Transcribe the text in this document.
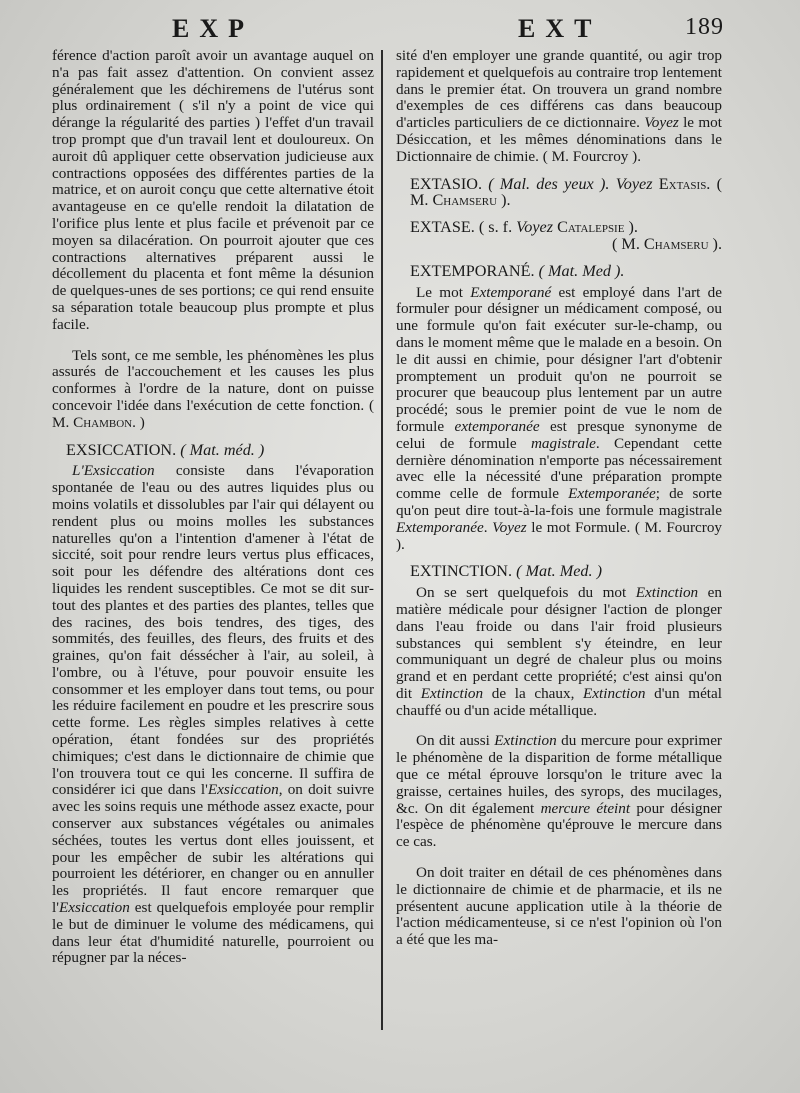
EXP	EXT	189

férence d'action paroît avoir un avantage auquel on n'a pas fait assez d'attention. On convient assez généralement que les déchiremens de l'utérus sont plus ordinairement ( s'il n'y a point de vice qui dérange la régularité des parties ) l'effet d'un travail trop prompt que d'un travail lent et douloureux. On auroit dû appliquer cette observation judicieuse aux contractions opposées des différentes parties de la matrice, et on auroit conçu que cette alternative étoit avantageuse en ce qu'elle rendoit la dilatation de l'orifice plus lente et plus facile et prévenoit par ce moyen sa dilacération. On pourroit ajouter que ces contractions alternatives préparent aussi le décollement du placenta et font même la désunion de quelques-unes de ses portions; ce qui rend ensuite sa séparation totale beaucoup plus prompte et plus facile.

Tels sont, ce me semble, les phénomènes les plus assurés de l'accouchement et les causes les plus conformes à l'ordre de la nature, dont on puisse concevoir l'idée dans l'exécution de cette fonction. ( M. Chambon. )

EXSICCATION. ( Mat. méd. )

L'Exsiccation consiste dans l'évaporation spontanée de l'eau ou des autres liquides plus ou moins volatils et dissolubles par l'air qui délayent ou rendent plus ou moins molles les substances naturelles qu'on a l'intention d'amener à l'état de siccité, soit pour rendre leurs vertus plus efficaces, soit pour les défendre des altérations dont ces liquides les rendent susceptibles. Ce mot se dit sur-tout des plantes et des parties des plantes, telles que des racines, des bois tendres, des tiges, des sommités, des feuilles, des fleurs, des fruits et des graines, qu'on fait déssécher à l'air, au soleil, à l'ombre, ou à l'étuve, pour pouvoir ensuite les consommer et les employer dans tout tems, ou pour les réduire facilement en poudre et les prescrire sous cette forme. Les règles simples relatives à cette opération, étant fondées sur des propriétés chimiques; c'est dans le dictionnaire de chimie que l'on trouvera tout ce qui les concerne. Il suffira de considérer ici que dans l'Exsiccation, on doit suivre avec les soins requis une méthode assez exacte, pour conserver aux substances végétales ou animales séchées, toutes les vertus dont elles jouissent, et pour les empêcher de subir les altérations qui pourroient les détériorer, en changer ou en annuller les propriétés. Il faut encore remarquer que l'Exsiccation est quelquefois employée pour remplir le but de diminuer le volume des médicamens, qui dans leur état d'humidité naturelle, pourroient ou répugner par la néces-

sité d'en employer une grande quantité, ou agir trop rapidement et quelquefois au contraire trop lentement dans le premier état. On trouvera un grand nombre d'exemples de ces différens cas dans beaucoup d'articles particuliers de ce dictionnaire. Voyez le mot Désiccation, et les mêmes dénominations dans le Dictionnaire de chimie. ( M. Fourcroy ).

EXTASIO. ( Mal. des yeux ). Voyez Extasis. ( M. Chamseru ).
EXTASE. ( s. f. Voyez Catalepsie ).
( M. Chamseru ).
EXTEMPORANÉ. ( Mat. Med ).

Le mot Extemporané est employé dans l'art de formuler pour désigner un médicament composé, ou une formule qu'on fait exécuter sur-le-champ, ou dans le moment même que le malade en a besoin. On le dit aussi en chimie, pour désigner l'art d'obtenir promptement un produit qu'on ne pourroit se procurer que beaucoup plus lentement par un autre procédé; sous le premier point de vue le nom de formule extemporanée est presque synonyme de celui de formule magistrale. Cependant cette dernière dénomination n'emporte pas nécessairement avec elle la nécessité d'une préparation prompte comme celle de formule Extemporanée; de sorte qu'on peut dire tout-à-la-fois une formule magistrale Extemporanée. Voyez le mot Formule. ( M. Fourcroy ).

EXTINCTION. ( Mat. Med. )

On se sert quelquefois du mot Extinction en matière médicale pour désigner l'action de plonger dans l'eau froide ou dans l'air froid plusieurs substances qui semblent s'y éteindre, en leur communiquant un degré de chaleur plus ou moins grand et en perdant cette propriété; c'est ainsi qu'on dit Extinction de la chaux, Extinction d'un métal chauffé ou d'un acide métallique.

On dit aussi Extinction du mercure pour exprimer le phénomène de la disparition de forme métallique que ce métal éprouve lorsqu'on le triture avec la graisse, certaines huiles, des syrops, des mucilages, &c. On dit également mercure éteint pour désigner l'espèce de phénomène qu'éprouve le mercure dans ce cas.

On doit traiter en détail de ces phénomènes dans le dictionnaire de chimie et de pharmacie, et ils ne présentent aucune application utile à la théorie de l'action médicamenteuse, si ce n'est l'opinion où l'on a été que les ma-
